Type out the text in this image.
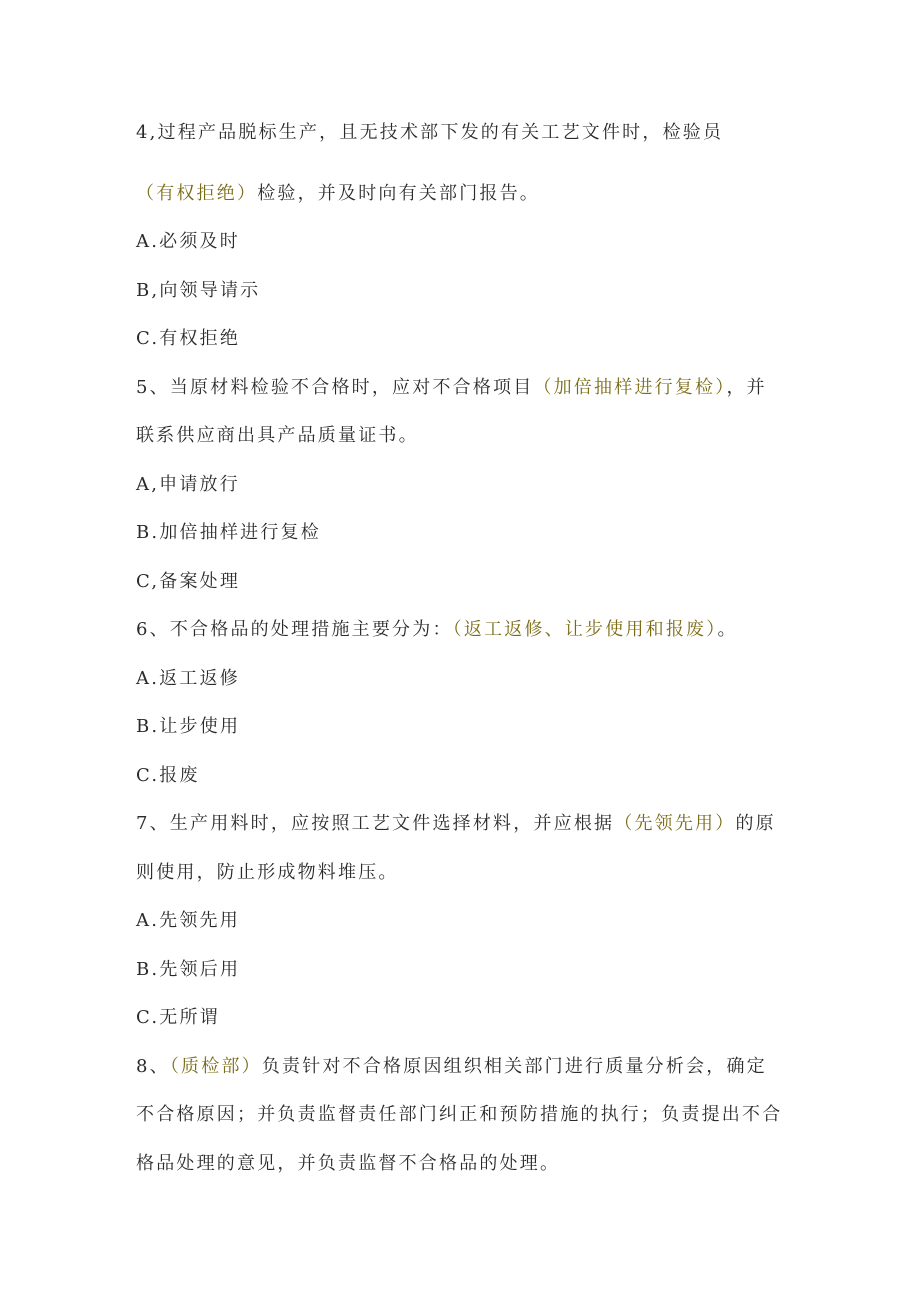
4,过程产品脱标生产，且无技术部下发的有关工艺文件时，检验员
（有权拒绝）检验，并及时向有关部门报告。
A.必须及时
B,向领导请示
C.有权拒绝
5、当原材料检验不合格时，应对不合格项目（加倍抽样进行复检），并
联系供应商出具产品质量证书。
A,申请放行
B.加倍抽样进行复检
C,备案处理
6、不合格品的处理措施主要分为：（返工返修、让步使用和报废）。
A.返工返修
B.让步使用
C.报废
7、生产用料时，应按照工艺文件选择材料，并应根据（先领先用）的原
则使用，防止形成物料堆压。
A.先领先用
B.先领后用
C.无所谓
8、（质检部）负责针对不合格原因组织相关部门进行质量分析会，确定
不合格原因；并负责监督责任部门纠正和预防措施的执行；负责提出不合
格品处理的意见，并负责监督不合格品的处理。
